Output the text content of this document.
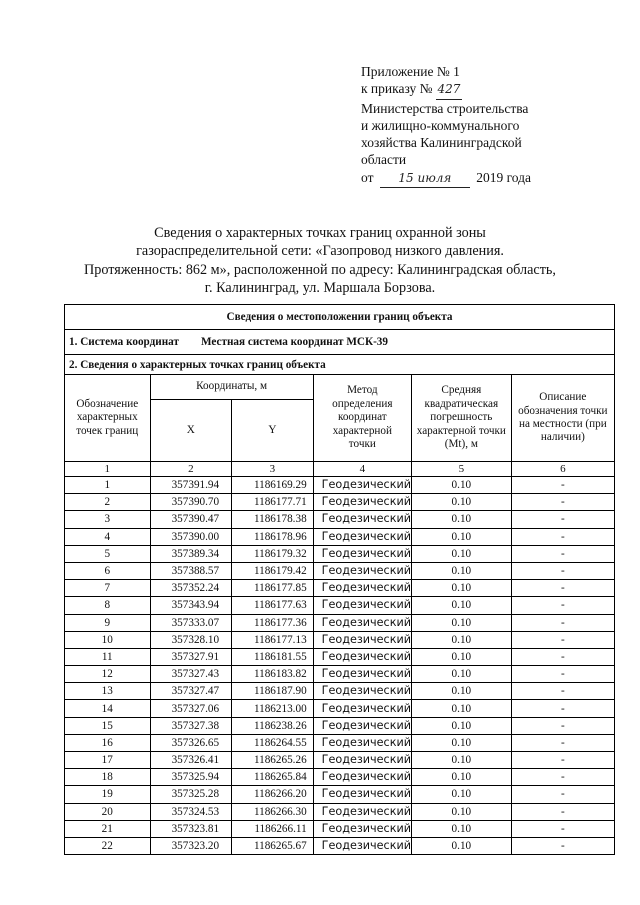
Приложение № 1
к приказу № 427
Министерства строительства
и жилищно-коммунального
хозяйства Калининградской
области
от 15 июля 2019 года
Сведения о характерных точках границ охранной зоны
газораспределительной сети: «Газопровод низкого давления.
Протяженность: 862 м», расположенной по адресу: Калининградская область,
г. Калининград, ул. Маршала Борзова.
Сведения о местоположении границ объекта					
1. Система координат Местная система координат МСК-39					
2. Сведения о характерных точках границ объекта					
Обозначение характерных точек границ	Координаты, м		Метод определения координат характерной точки	Средняя квадратическая погрешность характерной точки (Mt), м	Описание обозначения точки на местности (при наличии)
	X	Y			
1	2	3	4	5	6
1	357391.94	1186169.29	Геодезический	0.10	-
2	357390.70	1186177.71	Геодезический	0.10	-
3	357390.47	1186178.38	Геодезический	0.10	-
4	357390.00	1186178.96	Геодезический	0.10	-
5	357389.34	1186179.32	Геодезический	0.10	-
6	357388.57	1186179.42	Геодезический	0.10	-
7	357352.24	1186177.85	Геодезический	0.10	-
8	357343.94	1186177.63	Геодезический	0.10	-
9	357333.07	1186177.36	Геодезический	0.10	-
10	357328.10	1186177.13	Геодезический	0.10	-
11	357327.91	1186181.55	Геодезический	0.10	-
12	357327.43	1186183.82	Геодезический	0.10	-
13	357327.47	1186187.90	Геодезический	0.10	-
14	357327.06	1186213.00	Геодезический	0.10	-
15	357327.38	1186238.26	Геодезический	0.10	-
16	357326.65	1186264.55	Геодезический	0.10	-
17	357326.41	1186265.26	Геодезический	0.10	-
18	357325.94	1186265.84	Геодезический	0.10	-
19	357325.28	1186266.20	Геодезический	0.10	-
20	357324.53	1186266.30	Геодезический	0.10	-
21	357323.81	1186266.11	Геодезический	0.10	-
22	357323.20	1186265.67	Геодезический	0.10	-
